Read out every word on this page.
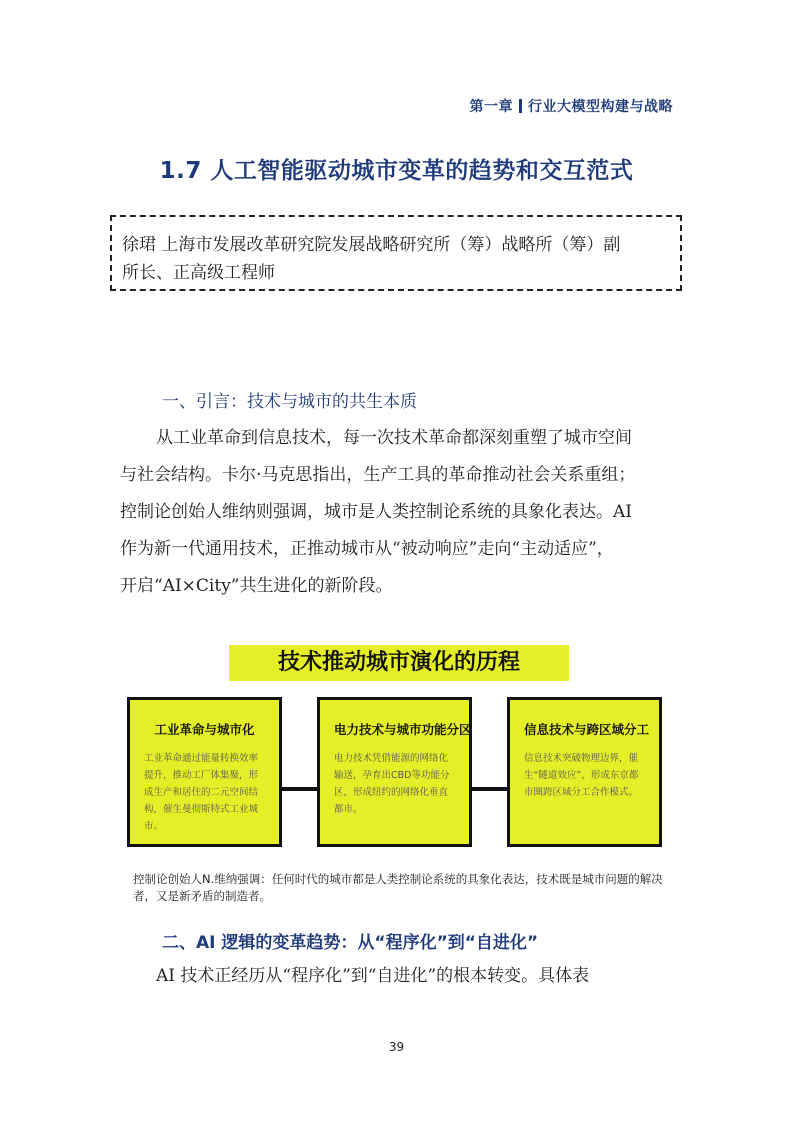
第一章 行业大模型构建与战略
1.7 人工智能驱动城市变革的趋势和交互范式
徐珺 上海市发展改革研究院发展战略研究所（筹）战略所（筹）副
所长、正高级工程师
一、引言：技术与城市的共生本质
从工业革命到信息技术，每一次技术革命都深刻重塑了城市空间
与社会结构。卡尔·马克思指出，生产工具的革命推动社会关系重组；
控制论创始人维纳则强调，城市是人类控制论系统的具象化表达。AI
作为新一代通用技术，正推动城市从“被动响应”走向“主动适应”，
开启“AI×City”共生进化的新阶段。
技术推动城市演化的历程
工业革命与城市化
工业革命通过能量转换效率提升，推动工厂体集聚，形成生产和居住的二元空间结构，催生曼彻斯特式工业城市。
电力技术与城市功能分区
电力技术凭借能源的网络化输送，孕育出CBD等功能分区，形成纽约的网络化垂直都市。
信息技术与跨区域分工
信息技术突破物理边界，催生“隧道效应”，形成东京都市圈跨区域分工合作模式。
控制论创始人N.维纳强调：任何时代的城市都是人类控制论系统的具象化表达，技术既是城市问题的解决者，又是新矛盾的制造者。
二、AI 逻辑的变革趋势：从“程序化”到“自进化”
AI 技术正经历从“程序化”到“自进化”的根本转变。具体表
39
